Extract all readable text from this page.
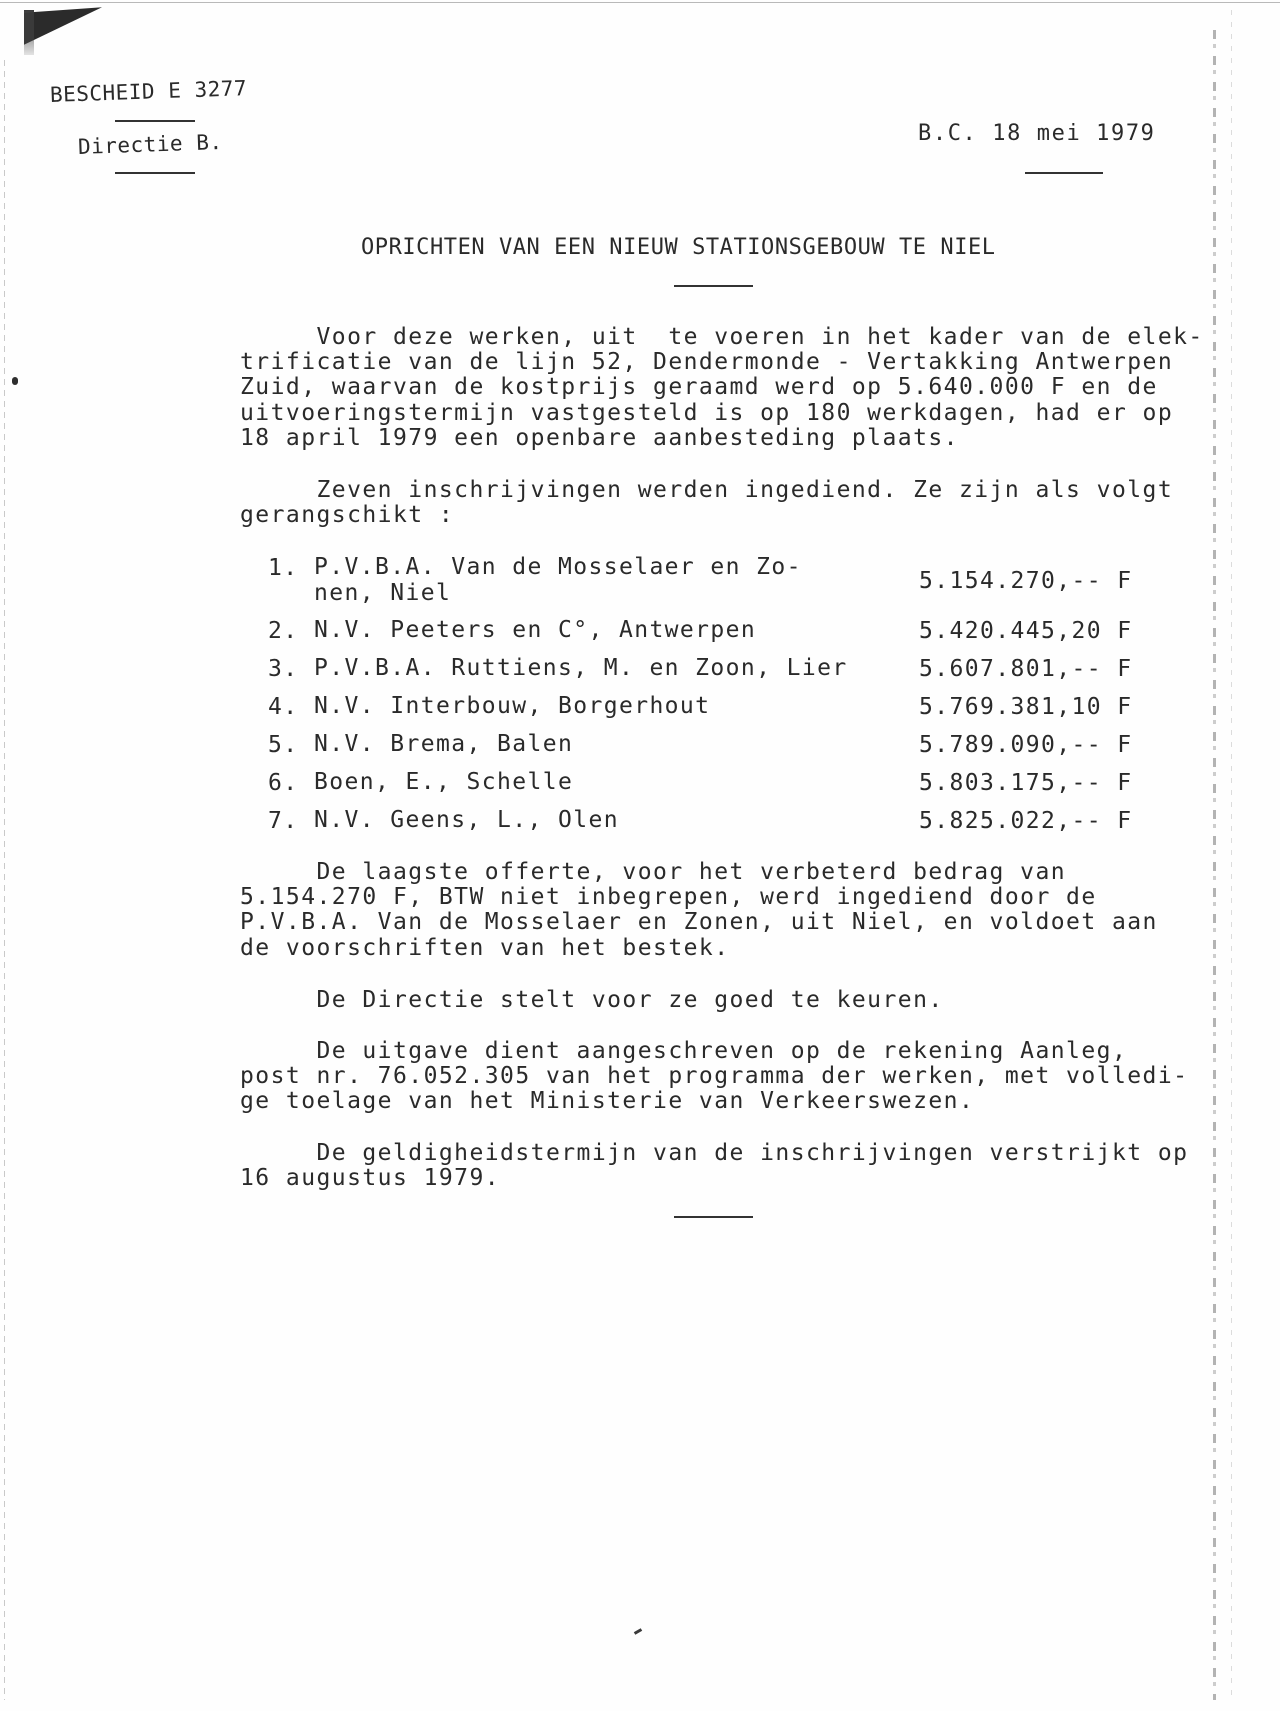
BESCHEID E 3277
Directie B.	B.C. 18 mei 1979
OPRICHTEN VAN EEN NIEUW STATIONSGEBOUW TE NIEL
Voor deze werken, uit  te voeren in het kader van de elek-
trificatie van de lijn 52, Dendermonde - Vertakking Antwerpen
Zuid, waarvan de kostprijs geraamd werd op 5.640.000 F en de
uitvoeringstermijn vastgesteld is op 180 werkdagen, had er op
18 april 1979 een openbare aanbesteding plaats.
Zeven inschrijvingen werden ingediend. Ze zijn als volgt
gerangschikt :
1. P.V.B.A. Van de Mosselaer en Zo-
nen, Niel	5.154.270,-- F
2. N.V. Peeters en C°, Antwerpen	5.420.445,20 F
3. P.V.B.A. Ruttiens, M. en Zoon, Lier	5.607.801,-- F
4. N.V. Interbouw, Borgerhout	5.769.381,10 F
5. N.V. Brema, Balen	5.789.090,-- F
6. Boen, E., Schelle	5.803.175,-- F
7. N.V. Geens, L., Olen	5.825.022,-- F
De laagste offerte, voor het verbeterd bedrag van
5.154.270 F, BTW niet inbegrepen, werd ingediend door de
P.V.B.A. Van de Mosselaer en Zonen, uit Niel, en voldoet aan
de voorschriften van het bestek.
De Directie stelt voor ze goed te keuren.
De uitgave dient aangeschreven op de rekening Aanleg,
post nr. 76.052.305 van het programma der werken, met volledi-
ge toelage van het Ministerie van Verkeerswezen.
De geldigheidstermijn van de inschrijvingen verstrijkt op
16 augustus 1979.
